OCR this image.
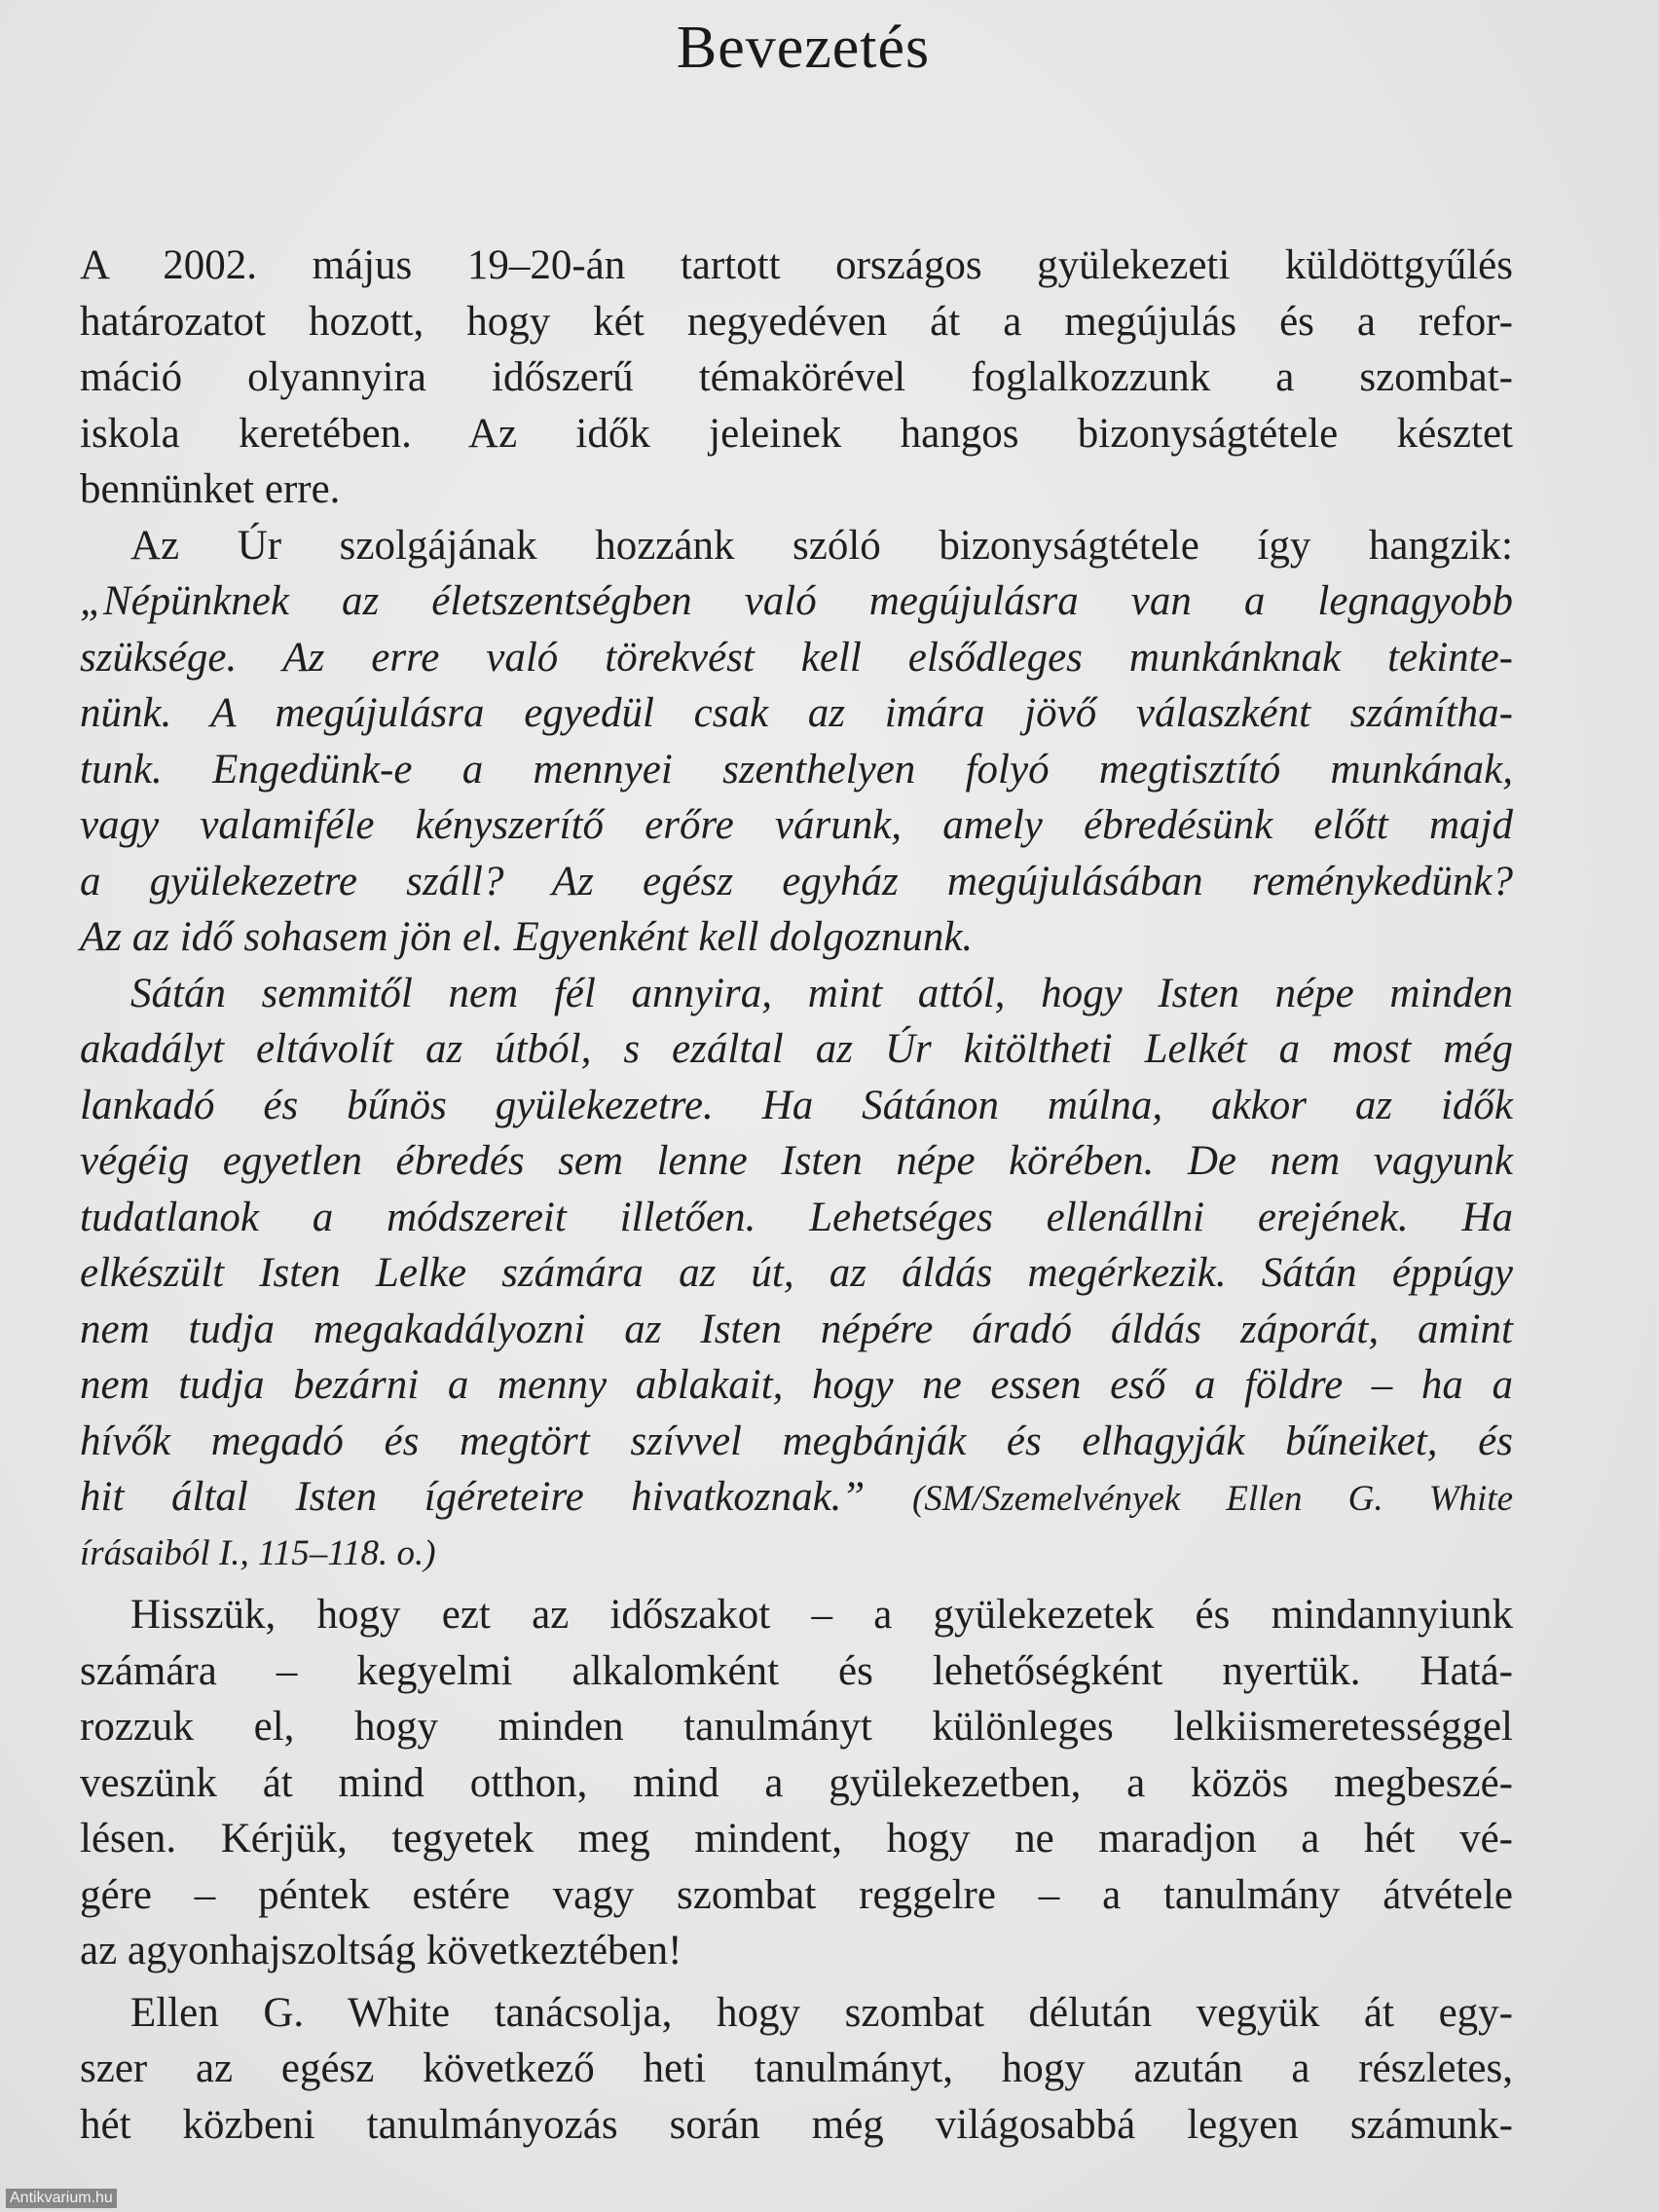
Bevezetés
A 2002. május 19–20-án tartott országos gyülekezeti küldöttgyűlés
határozatot hozott, hogy két negyedéven át a megújulás és a refor-
máció olyannyira időszerű témakörével foglalkozzunk a szombat-
iskola keretében. Az idők jeleinek hangos bizonyságtétele késztet
bennünket erre.
Az Úr szolgájának hozzánk szóló bizonyságtétele így hangzik:
„Népünknek az életszentségben való megújulásra van a legnagyobb
szüksége. Az erre való törekvést kell elsődleges munkánknak tekinte-
nünk. A megújulásra egyedül csak az imára jövő válaszként számítha-
tunk. Engedünk-e a mennyei szenthelyen folyó megtisztító munkának,
vagy valamiféle kényszerítő erőre várunk, amely ébredésünk előtt majd
a gyülekezetre száll? Az egész egyház megújulásában reménykedünk?
Az az idő sohasem jön el. Egyenként kell dolgoznunk.
Sátán semmitől nem fél annyira, mint attól, hogy Isten népe minden
akadályt eltávolít az útból, s ezáltal az Úr kitöltheti Lelkét a most még
lankadó és bűnös gyülekezetre. Ha Sátánon múlna, akkor az idők
végéig egyetlen ébredés sem lenne Isten népe körében. De nem vagyunk
tudatlanok a módszereit illetően. Lehetséges ellenállni erejének. Ha
elkészült Isten Lelke számára az út, az áldás megérkezik. Sátán éppúgy
nem tudja megakadályozni az Isten népére áradó áldás záporát, amint
nem tudja bezárni a menny ablakait, hogy ne essen eső a földre – ha a
hívők megadó és megtört szívvel megbánják és elhagyják bűneiket, és
hit által Isten ígéreteire hivatkoznak.” (SM/Szemelvények Ellen G. White
írásaiból I., 115–118. o.)
Hisszük, hogy ezt az időszakot – a gyülekezetek és mindannyiunk
számára – kegyelmi alkalomként és lehetőségként nyertük. Hatá-
rozzuk el, hogy minden tanulmányt különleges lelkiismeretességgel
veszünk át mind otthon, mind a gyülekezetben, a közös megbeszé-
lésen. Kérjük, tegyetek meg mindent, hogy ne maradjon a hét vé-
gére – péntek estére vagy szombat reggelre – a tanulmány átvétele
az agyonhajszoltság következtében!
Ellen G. White tanácsolja, hogy szombat délután vegyük át egy-
szer az egész következő heti tanulmányt, hogy azután a részletes,
hét közbeni tanulmányozás során még világosabbá legyen számunk-
Antikvarium.hu
